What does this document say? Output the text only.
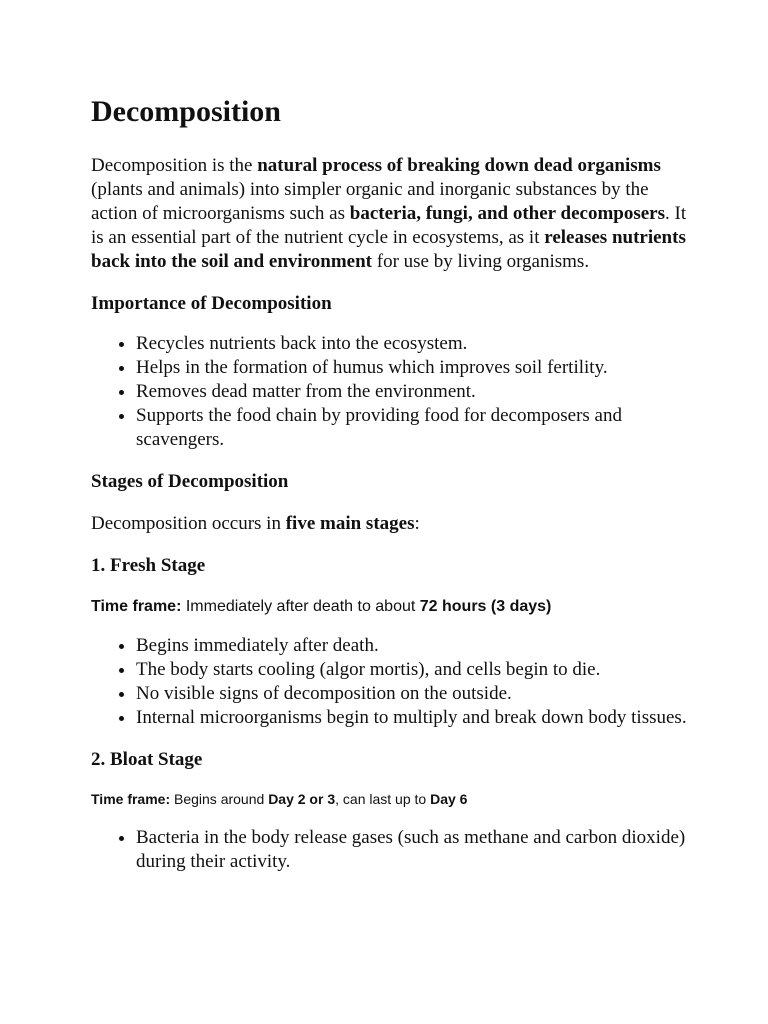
Decomposition

Decomposition is the natural process of breaking down dead organisms (plants and animals) into simpler organic and inorganic substances by the action of microorganisms such as bacteria, fungi, and other decomposers. It is an essential part of the nutrient cycle in ecosystems, as it releases nutrients back into the soil and environment for use by living organisms.

Importance of Decomposition
• Recycles nutrients back into the ecosystem.
• Helps in the formation of humus which improves soil fertility.
• Removes dead matter from the environment.
• Supports the food chain by providing food for decomposers and scavengers.
Stages of Decomposition

Decomposition occurs in five main stages:

1. Fresh Stage

Time frame: Immediately after death to about 72 hours (3 days)

• Begins immediately after death.
• The body starts cooling (algor mortis), and cells begin to die.
• No visible signs of decomposition on the outside.
• Internal microorganisms begin to multiply and break down body tissues.
2. Bloat Stage

Time frame: Begins around Day 2 or 3, can last up to Day 6

• Bacteria in the body release gases (such as methane and carbon dioxide) during their activity.
